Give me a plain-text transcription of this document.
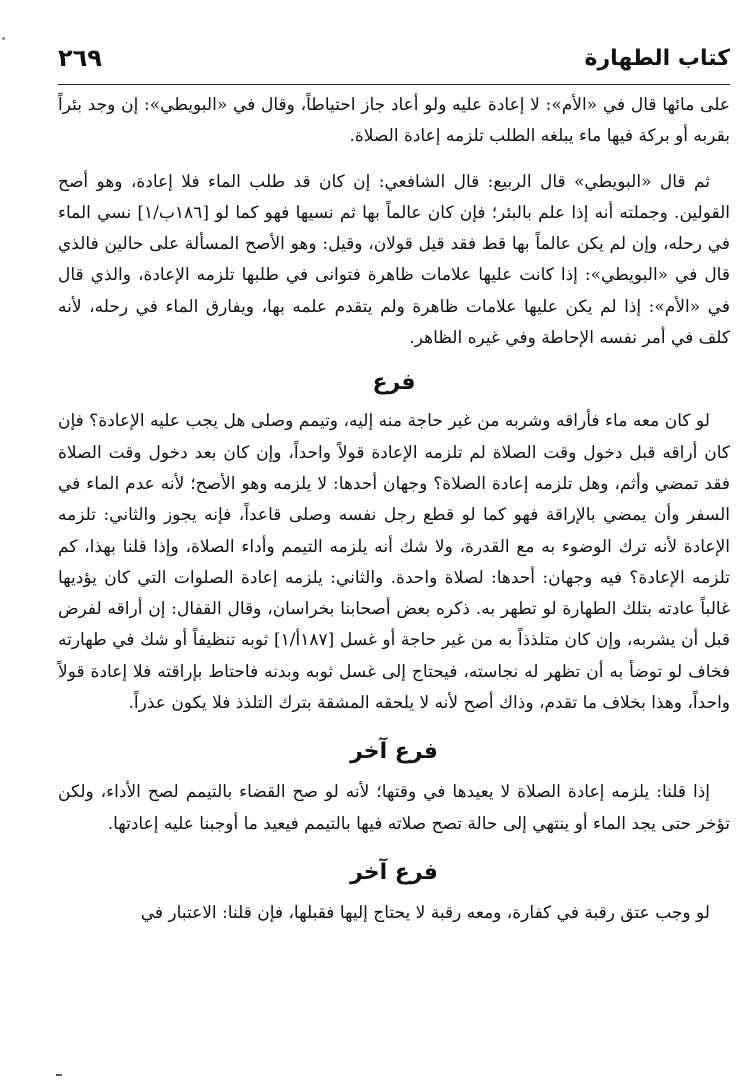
كتاب الطهارة
٢٦٩

على مائها قال في «الأم»: لا إعادة عليه ولو أعاد جاز احتياطاً، وقال في «البويطي»: إن وجد بئراً بقربه أو بركة فيها ماء يبلغه الطلب تلزمه إعادة الصلاة.

ثم قال «البويطي» قال الربيع: قال الشافعي: إن كان قد طلب الماء فلا إعادة، وهو أصح القولين. وجملته أنه إذا علم بالبئر؛ فإن كان عالماً بها ثم نسيها فهو كما لو [١٨٦ب/١] نسي الماء في رحله، وإن لم يكن عالماً بها قط فقد قيل قولان، وقيل: وهو الأصح المسألة على حالين فالذي قال في «البويطي»: إذا كانت عليها علامات ظاهرة فتوانى في طلبها تلزمه الإعادة، والذي قال في «الأم»: إذا لم يكن عليها علامات ظاهرة ولم يتقدم علمه بها، ويفارق الماء في رحله، لأنه كلف في أمر نفسه الإحاطة وفي غيره الظاهر.

فرع

لو كان معه ماء فأراقه وشربه من غير حاجة منه إليه، وتيمم وصلى هل يجب عليه الإعادة؟ فإن كان أراقه قبل دخول وقت الصلاة لم تلزمه الإعادة قولاً واحداً، وإن كان بعد دخول وقت الصلاة فقد تمضي وأثم، وهل تلزمه إعادة الصلاة؟ وجهان أحدها: لا يلزمه وهو الأصح؛ لأنه عدم الماء في السفر وأن يمضي بالإراقة فهو كما لو قطع رجل نفسه وصلى قاعداً، فإنه يجوز والثاني: تلزمه الإعادة لأنه ترك الوضوء به مع القدرة، ولا شك أنه يلزمه التيمم وأداء الصلاة، وإذا قلنا بهذا، كم تلزمه الإعادة؟ فيه وجهان: أحدها: لصلاة واحدة. والثاني: يلزمه إعادة الصلوات التي كان يؤديها غالباً عادته بتلك الطهارة لو تطهر به. ذكره بعض أصحابنا بخراسان، وقال القفال: إن أراقه لفرض قبل أن يشربه، وإن كان متلذذاً به من غير حاجة أو غسل [١٨٧أ/١] ثوبه تنظيفاً أو شك في طهارته فخاف لو توضأ به أن تظهر له نجاسته، فيحتاج إلى غسل ثوبه وبدنه فاحتاط بإراقته فلا إعادة قولاً واحداً، وهذا بخلاف ما تقدم، وذاك أصح لأنه لا يلحقه المشقة بترك التلذذ فلا يكون عذراً.

فرع آخر

إذا قلنا: يلزمه إعادة الصلاة لا يعيدها في وقتها؛ لأنه لو صح القضاء بالتيمم لصح الأداء، ولكن تؤخر حتى يجد الماء أو ينتهي إلى حالة تصح صلاته فيها بالتيمم فيعيد ما أوجبنا عليه إعادتها.

فرع آخر

لو وجب عتق رقبة في كفارة، ومعه رقبة لا يحتاج إليها فقبلها، فإن قلنا: الاعتبار في
